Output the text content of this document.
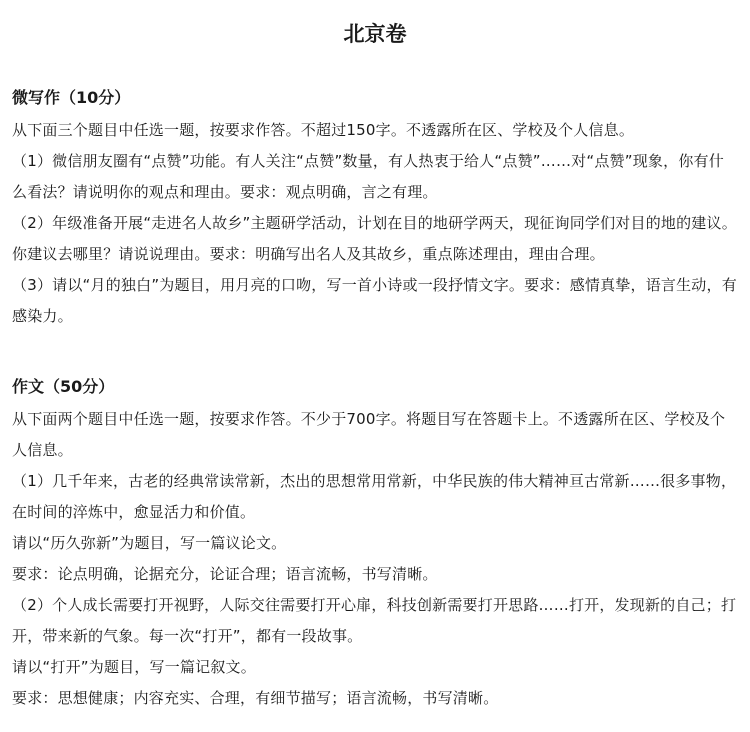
北京卷
微写作（10分）

从下面三个题目中任选一题，按要求作答。不超过150字。不透露所在区、学校及个人信息。

（1）微信朋友圈有“点赞”功能。有人关注“点赞”数量，有人热衷于给人“点赞”……对“点赞”现象，你有什么看法？请说明你的观点和理由。要求：观点明确，言之有理。

（2）年级准备开展“走进名人故乡”主题研学活动，计划在目的地研学两天，现征询同学们对目的地的建议。你建议去哪里？请说说理由。要求：明确写出名人及其故乡，重点陈述理由，理由合理。

（3）请以“月的独白”为题目，用月亮的口吻，写一首小诗或一段抒情文字。要求：感情真挚，语言生动，有感染力。

作文（50分）

从下面两个题目中任选一题，按要求作答。不少于700字。将题目写在答题卡上。不透露所在区、学校及个人信息。

（1）几千年来，古老的经典常读常新，杰出的思想常用常新，中华民族的伟大精神亘古常新……很多事物，在时间的淬炼中，愈显活力和价值。

请以“历久弥新”为题目，写一篇议论文。

要求：论点明确，论据充分，论证合理；语言流畅，书写清晰。

（2）个人成长需要打开视野，人际交往需要打开心扉，科技创新需要打开思路……打开，发现新的自己；打开，带来新的气象。每一次“打开”，都有一段故事。

请以“打开”为题目，写一篇记叙文。

要求：思想健康；内容充实、合理，有细节描写；语言流畅，书写清晰。
